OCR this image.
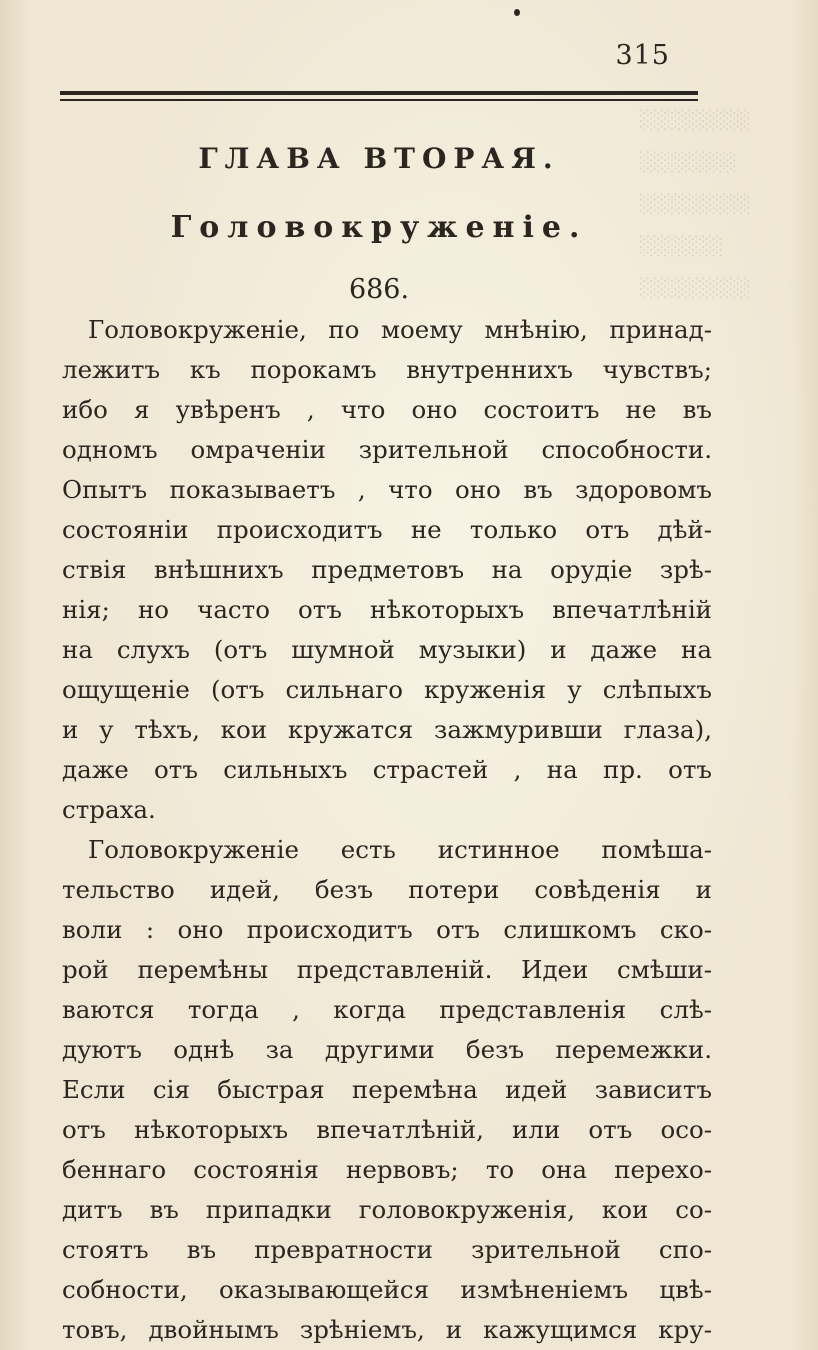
░░░░░░░░
░░░░░░░
░░░░░░░░
░░░░░░
░░░░░░░░
315
ГЛАВА ВТОРАЯ.
Головокруженіе.
686.
Головокруженіе, по моему мнѣнію, принад-
лежитъ къ порокамъ внутреннихъ чувствъ;
ибо я увѣренъ , что оно состоитъ не въ
одномъ омраченіи зрительной способности.
Опытъ показываетъ , что оно въ здоровомъ
состояніи происходитъ не только отъ дѣй-
ствія внѣшнихъ предметовъ на орудіе зрѣ-
нія; но часто отъ нѣкоторыхъ впечатлѣній
на слухъ (отъ шумной музыки) и даже на
ощущеніе (отъ сильнаго круженія у слѣпыхъ
и у тѣхъ, кои кружатся зажмуривши глаза),
даже отъ сильныхъ страстей , на пр. отъ
страха.
Головокруженіе есть истинное помѣша-
тельство идей, безъ потери совѣденія и
воли : оно происходитъ отъ слишкомъ ско-
рой перемѣны представленій. Идеи смѣши-
ваются тогда , когда представленія слѣ-
дуютъ однѣ за другими безъ перемежки.
Если сія быстрая перемѣна идей зависитъ
отъ нѣкоторыхъ впечатлѣній, или отъ осо-
беннаго состоянія нервовъ; то она перехо-
дитъ въ припадки головокруженія, кои со-
стоятъ въ превратности зрительной спо-
собности, оказывающейся измѣненіемъ цвѣ-
товъ, двойнымъ зрѣніемъ, и кажущимся кру-
